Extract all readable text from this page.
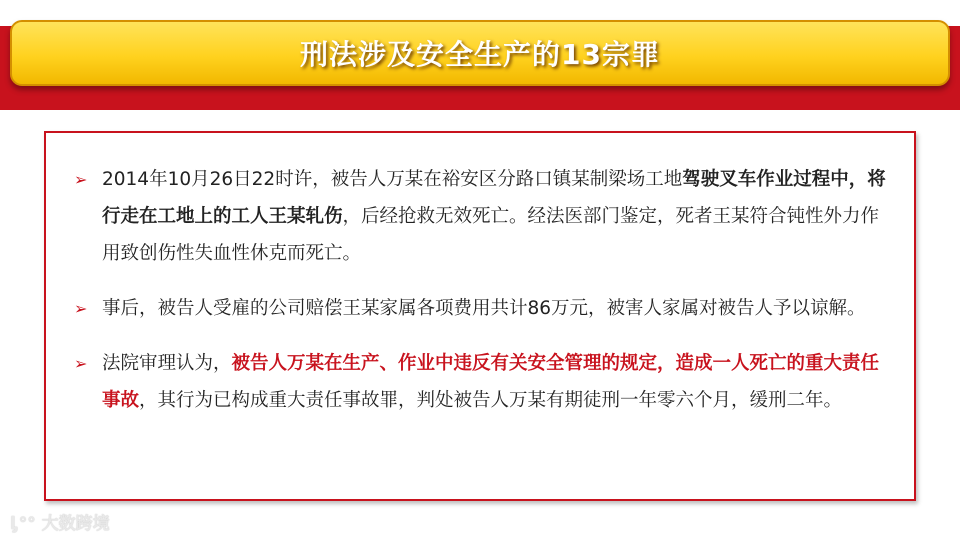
刑法涉及安全生产的13宗罪
➢ 2014年10月26日22时许，被告人万某在裕安区分路口镇某制梁场工地驾驶叉车作业过程中，将行走在工地上的工人王某轧伤，后经抢救无效死亡。经法医部门鉴定，死者王某符合钝性外力作用致创伤性失血性休克而死亡。
➢ 事后，被告人受雇的公司赔偿王某家属各项费用共计86万元，被害人家属对被告人予以谅解。
➢ 法院审理认为，被告人万某在生产、作业中违反有关安全管理的规定，造成一人死亡的重大责任事故，其行为已构成重大责任事故罪，判处被告人万某有期徒刑一年零六个月，缓刑二年。
ᶅ°° 大数跨境
